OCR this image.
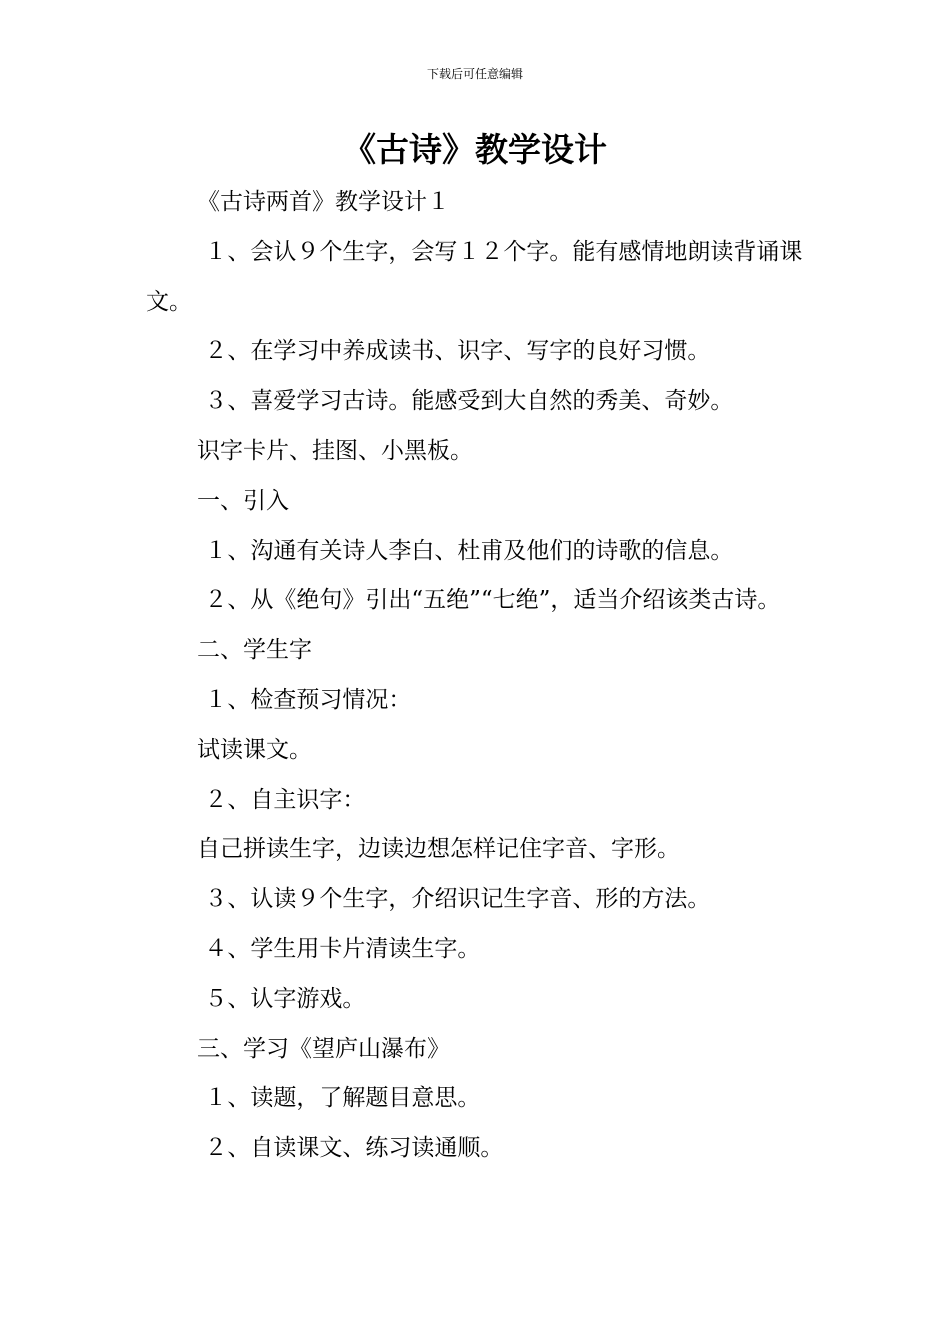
下载后可任意编辑
《古诗》教学设计

《古诗两首》教学设计１

１、会认９个生字，会写１２个字。能有感情地朗读背诵课文。

２、在学习中养成读书、识字、写字的良好习惯。

３、喜爱学习古诗。能感受到大自然的秀美、奇妙。

识字卡片、挂图、小黑板。

一、引入

１、沟通有关诗人李白、杜甫及他们的诗歌的信息。

２、从《绝句》引出“五绝”“七绝”，适当介绍该类古诗。

二、学生字

１、检查预习情况：

试读课文。

２、自主识字：

自己拼读生字，边读边想怎样记住字音、字形。

３、认读９个生字，介绍识记生字音、形的方法。

４、学生用卡片清读生字。

５、认字游戏。

三、学习《望庐山瀑布》

１、读题，了解题目意思。

２、自读课文、练习读通顺。
